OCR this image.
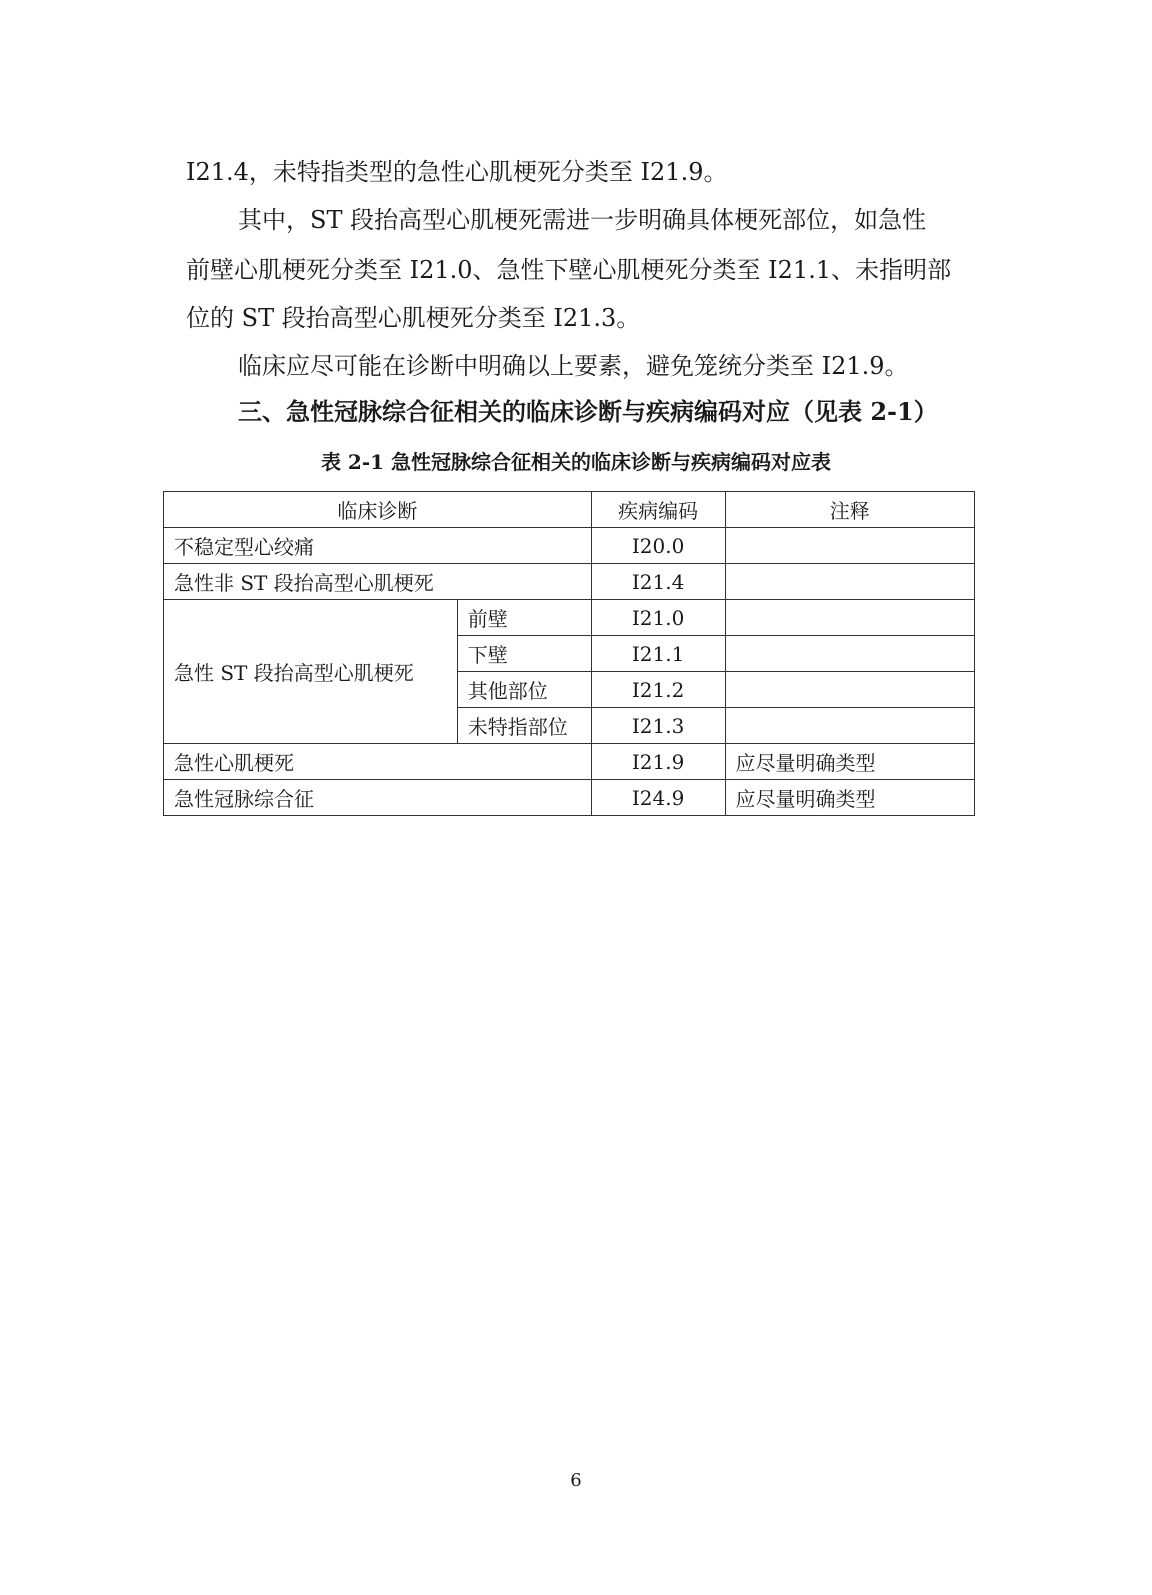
I21.4，未特指类型的急性心肌梗死分类至 I21.9。

其中，ST 段抬高型心肌梗死需进一步明确具体梗死部位，如急性

前壁心肌梗死分类至 I21.0、急性下壁心肌梗死分类至 I21.1、未指明部

位的 ST 段抬高型心肌梗死分类至 I21.3。

临床应尽可能在诊断中明确以上要素，避免笼统分类至 I21.9。

三、急性冠脉综合征相关的临床诊断与疾病编码对应（见表 2-1）

表 2-1 急性冠脉综合征相关的临床诊断与疾病编码对应表

临床诊断		疾病编码	注释
不稳定型心绞痛		I20.0	
急性非 ST 段抬高型心肌梗死		I21.4	
急性 ST 段抬高型心肌梗死	前壁	I21.0	
	下壁	I21.1	
	其他部位	I21.2	
	未特指部位	I21.3	
急性心肌梗死		I21.9	应尽量明确类型
急性冠脉综合征		I24.9	应尽量明确类型

6
